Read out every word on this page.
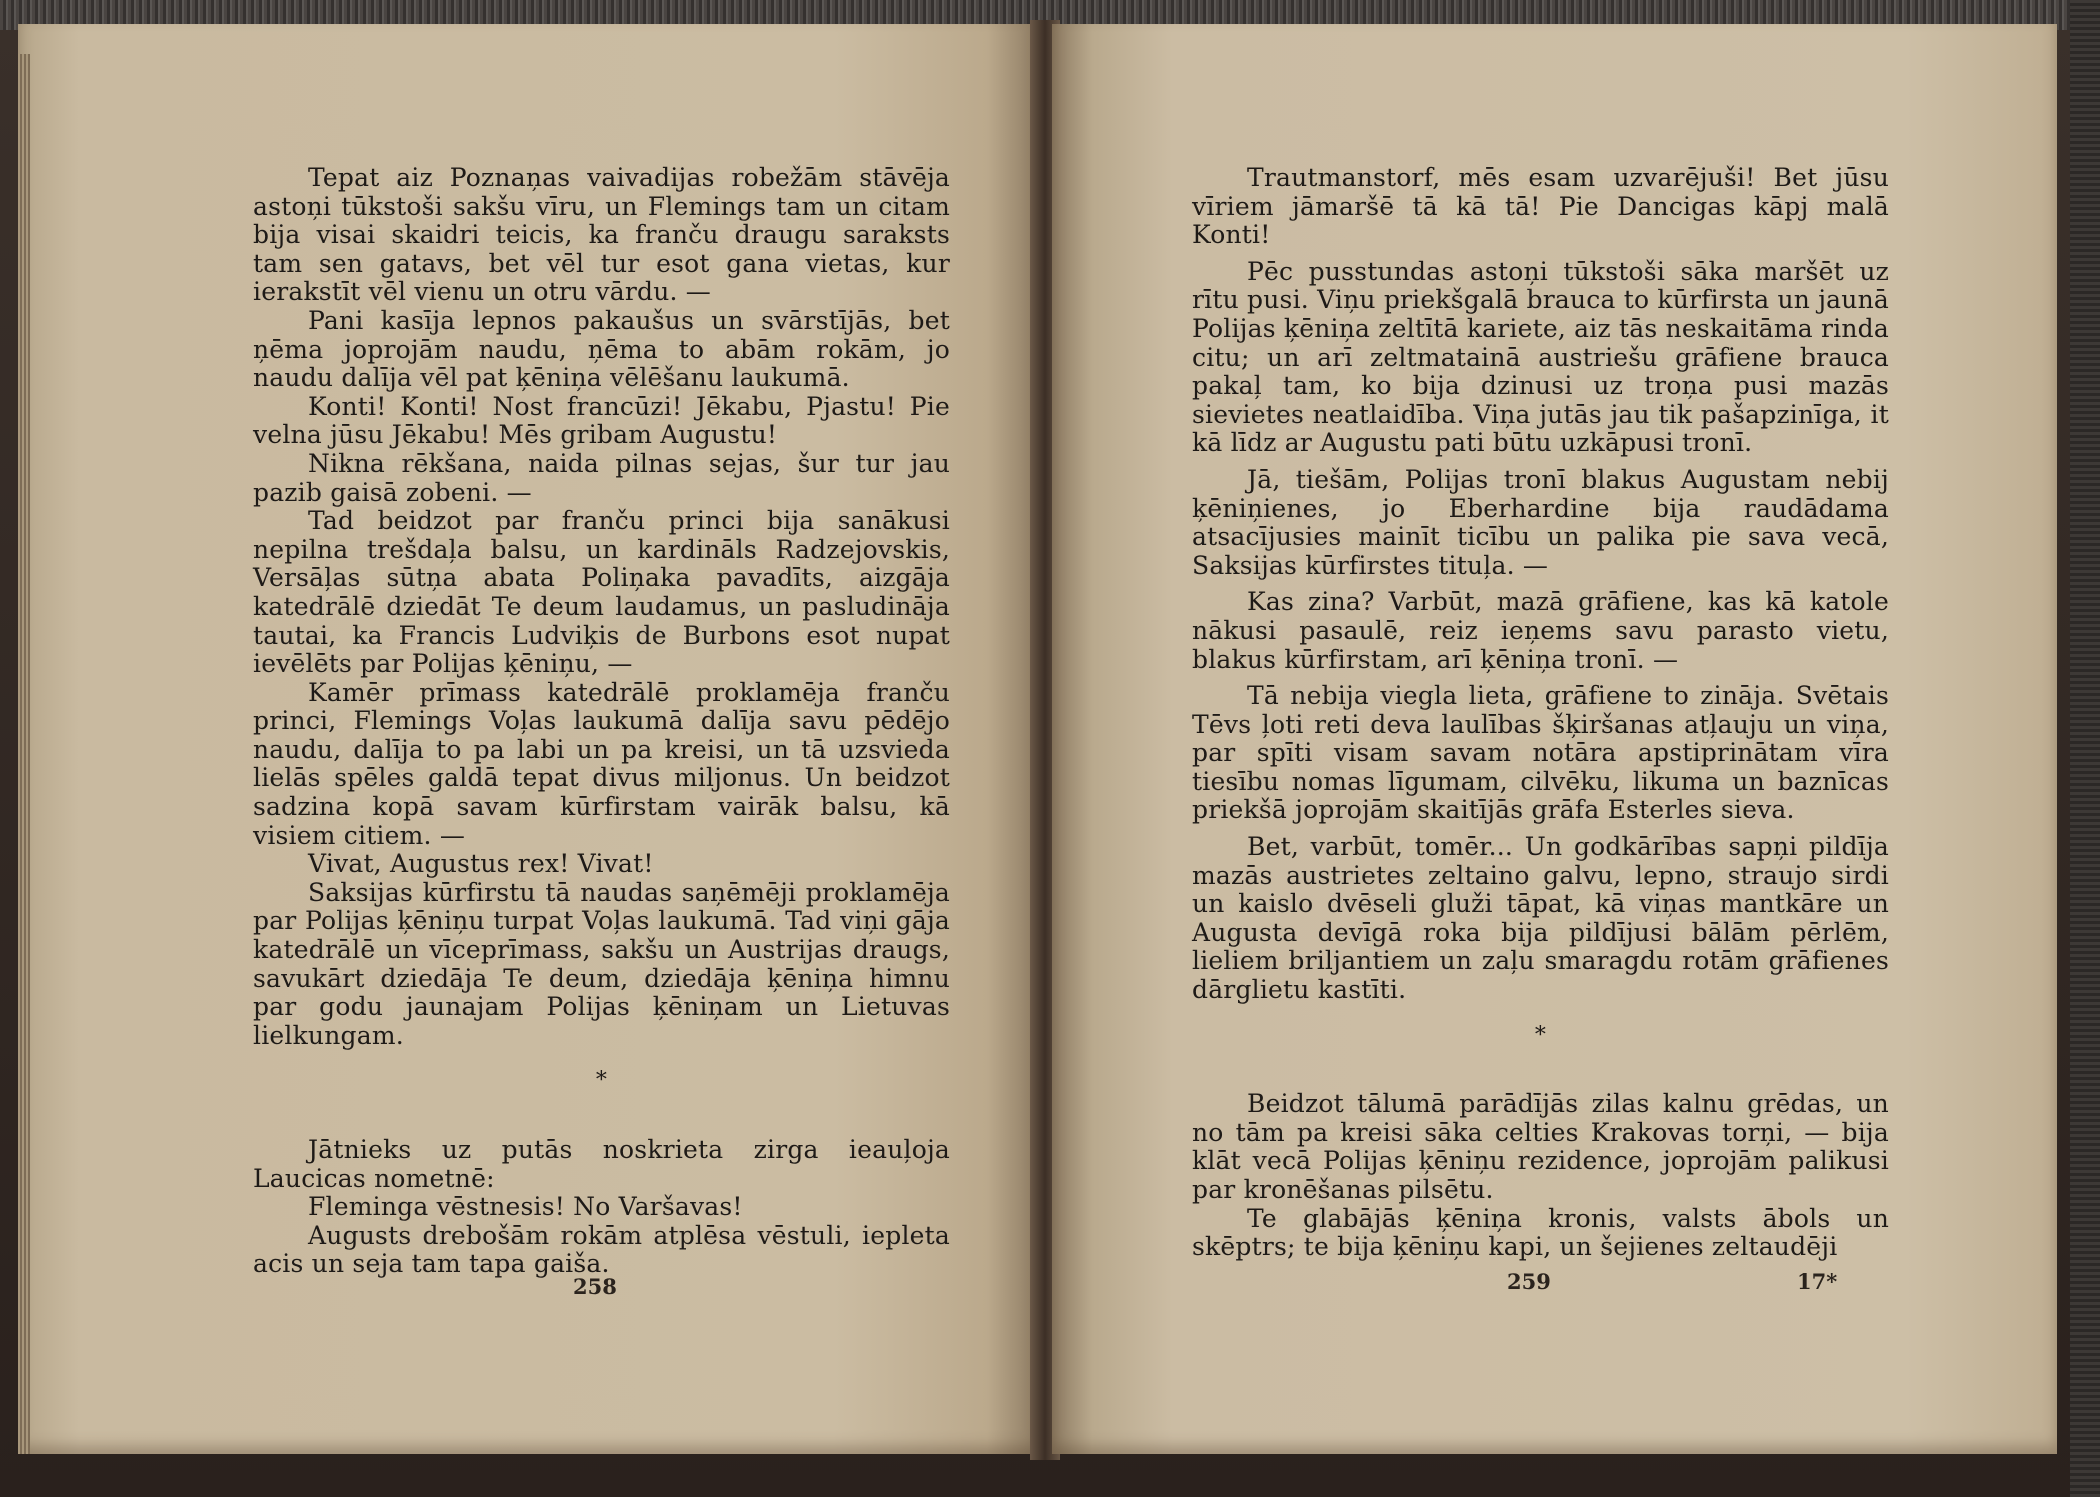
Tepat aiz Poznaņas vaivadijas robežām stāvēja astoņi tūkstoši sakšu vīru, un Flemings tam un citam bija visai skaidri teicis, ka franču draugu saraksts tam sen gatavs, bet vēl tur esot gana vietas, kur ierakstīt vēl vienu un otru vārdu. —

Pani kasīja lepnos pakaušus un svārstījās, bet ņēma joprojām naudu, ņēma to abām rokām, jo naudu dalīja vēl pat ķēniņa vēlēšanu laukumā.

Konti! Konti! Nost francūzi! Jēkabu, Pjastu! Pie velna jūsu Jēkabu! Mēs gribam Augustu!

Nikna rēkšana, naida pilnas sejas, šur tur jau pazib gaisā zobeni. —

Tad beidzot par franču princi bija sanākusi nepilna trešdaļa balsu, un kardināls Radzejovskis, Versāļas sūtņa abata Poliņaka pavadīts, aizgāja katedrālē dziedāt Te deum laudamus, un pasludināja tautai, ka Francis Ludviķis de Burbons esot nupat ievēlēts par Polijas ķēniņu, —

Kamēr prīmass katedrālē proklamēja franču princi, Flemings Voļas laukumā dalīja savu pēdējo naudu, dalīja to pa labi un pa kreisi, un tā uzsvieda lielās spēles galdā tepat divus miljonus. Un beidzot sadzina kopā savam kūrfirstam vairāk balsu, kā visiem citiem. —

Vivat, Augustus rex! Vivat!

Saksijas kūrfirstu tā naudas saņēmēji proklamēja par Polijas ķēniņu turpat Voļas laukumā. Tad viņi gāja katedrālē un vīceprīmass, sakšu un Austrijas draugs, savukārt dziedāja Te deum, dziedāja ķēniņa himnu par godu jaunajam Polijas ķēniņam un Lietuvas lielkungam.

*

Jātnieks uz putās noskrieta zirga ieauļoja Laucicas nometnē:

Fleminga vēstnesis! No Varšavas!

Augusts drebošām rokām atplēsa vēstuli, iepleta acis un seja tam tapa gaiša.

258

Trautmanstorf, mēs esam uzvarējuši! Bet jūsu vīriem jāmaršē tā kā tā! Pie Dancigas kāpj malā Konti!

Pēc pusstundas astoņi tūkstoši sāka maršēt uz rītu pusi. Viņu priekšgalā brauca to kūrfirsta un jaunā Polijas ķēniņa zeltītā kariete, aiz tās neskaitāma rinda citu; un arī zeltmatainā austriešu grāfiene brauca pakaļ tam, ko bija dzinusi uz troņa pusi mazās sievietes neatlaidība. Viņa jutās jau tik pašapzinīga, it kā līdz ar Augustu pati būtu uzkāpusi tronī.

Jā, tiešām, Polijas tronī blakus Augustam nebij ķēniņienes, jo Eberhardine bija raudādama atsacījusies mainīt ticību un palika pie sava vecā, Saksijas kūrfirstes tituļa. —

Kas zina? Varbūt, mazā grāfiene, kas kā katole nākusi pasaulē, reiz ieņems savu parasto vietu, blakus kūrfirstam, arī ķēniņa tronī. —

Tā nebija viegla lieta, grāfiene to zināja. Svētais Tēvs ļoti reti deva laulības šķiršanas atļauju un viņa, par spīti visam savam notāra apstiprinātam vīra tiesību nomas līgumam, cilvēku, likuma un baznīcas priekšā joprojām skaitījās grāfa Esterles sieva.

Bet, varbūt, tomēr... Un godkārības sapņi pildīja mazās austrietes zeltaino galvu, lepno, straujo sirdi un kaislo dvēseli gluži tāpat, kā viņas mantkāre un Augusta devīgā roka bija pildījusi bālām pērlēm, lieliem briljantiem un zaļu smaragdu rotām grāfienes dārglietu kastīti.

*

Beidzot tālumā parādījās zilas kalnu grēdas, un no tām pa kreisi sāka celties Krakovas torņi, — bija klāt vecā Polijas ķēniņu rezidence, joprojām palikusi par kronēšanas pilsētu.

Te glabājās ķēniņa kronis, valsts ābols un skēptrs; te bija ķēniņu kapi, un šejienes zeltaudēji

259	17*
